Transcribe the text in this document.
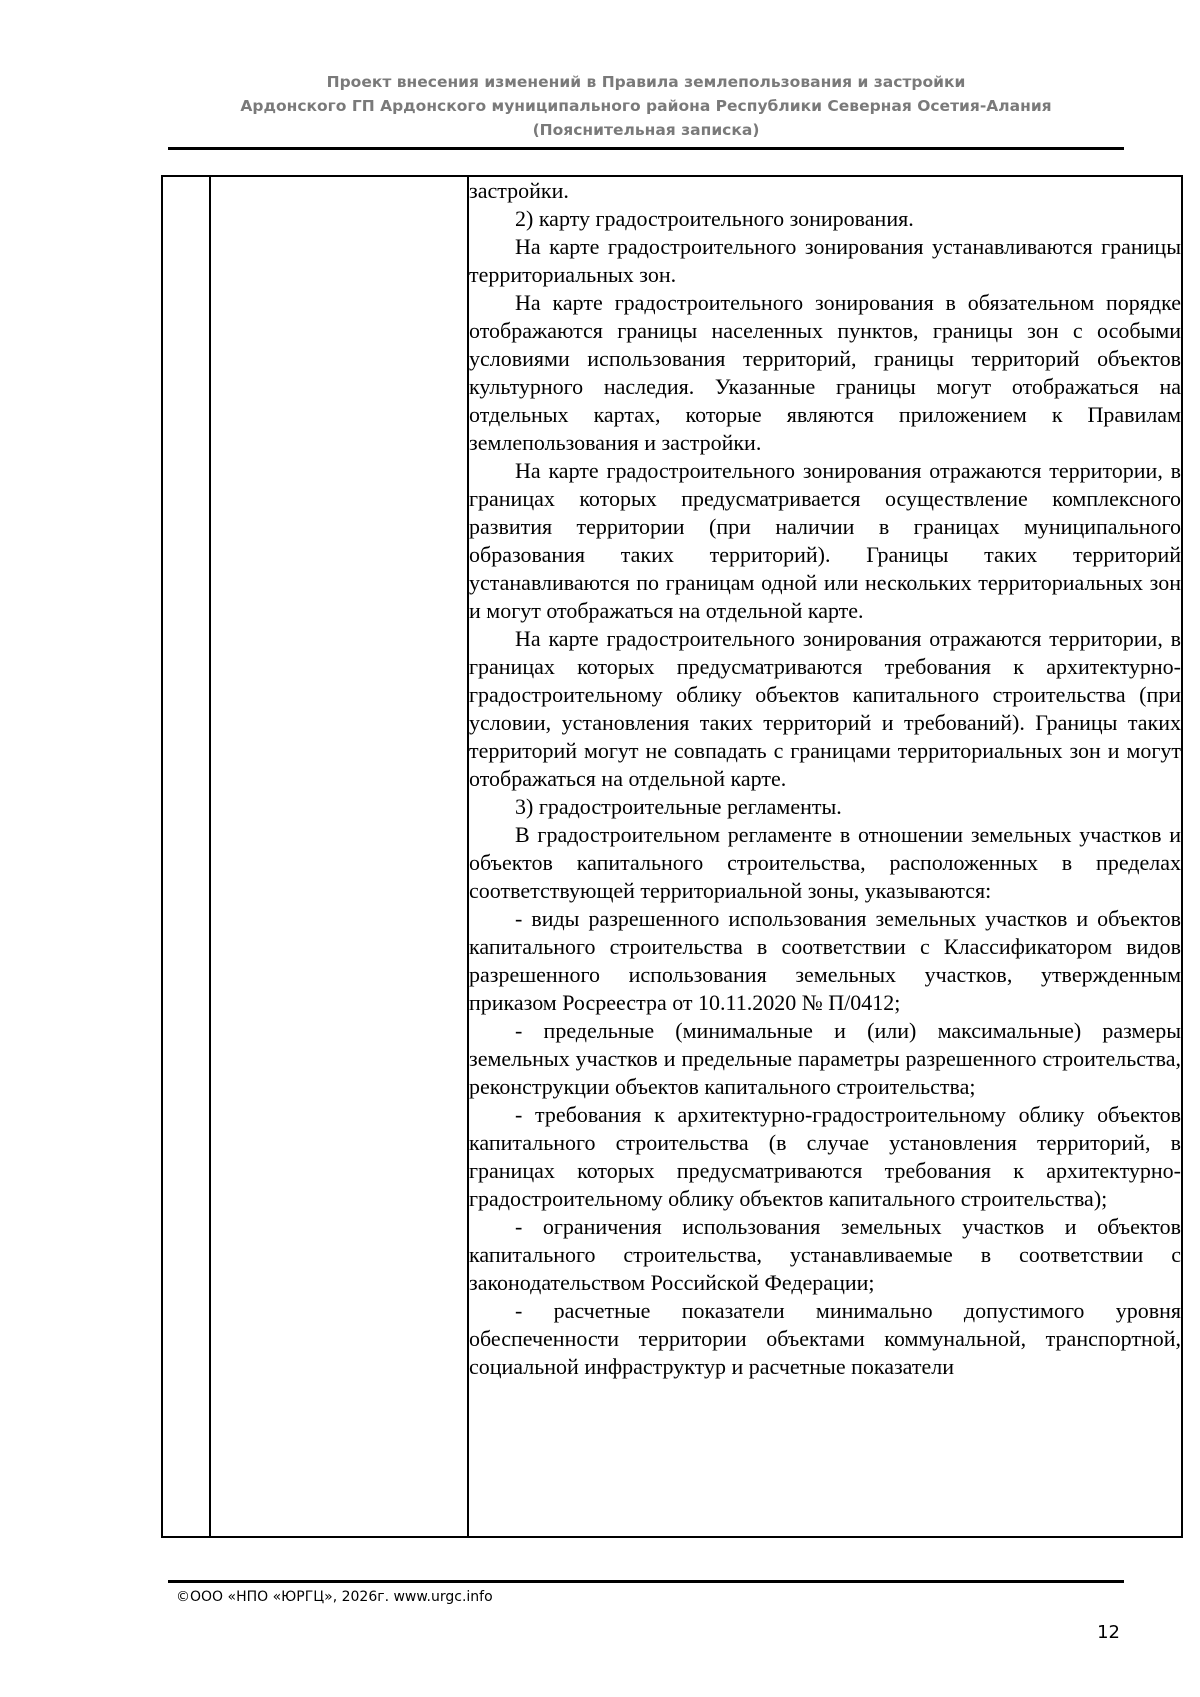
Проект внесения изменений в Правила землепользования и застройки
Ардонского ГП Ардонского муниципального района Республики Северная Осетия-Алания
(Пояснительная записка)

застройки.

2) карту градостроительного зонирования.

На карте градостроительного зонирования устанавливаются границы территориальных зон.

На карте градостроительного зонирования в обязательном порядке отображаются границы населенных пунктов, границы зон с особыми условиями использования территорий, границы территорий объектов культурного наследия. Указанные границы могут отображаться на отдельных картах, которые являются приложением к Правилам землепользования и застройки.

На карте градостроительного зонирования отражаются территории, в границах которых предусматривается осуществление комплексного развития территории (при наличии в границах муниципального образования таких территорий). Границы таких территорий устанавливаются по границам одной или нескольких территориальных зон и могут отображаться на отдельной карте.

На карте градостроительного зонирования отражаются территории, в границах которых предусматриваются требования к архитектурно-градостроительному облику объектов капитального строительства (при условии, установления таких территорий и требований). Границы таких территорий могут не совпадать с границами территориальных зон и могут отображаться на отдельной карте.

3) градостроительные регламенты.

В градостроительном регламенте в отношении земельных участков и объектов капитального строительства, расположенных в пределах соответствующей территориальной зоны, указываются:

- виды разрешенного использования земельных участков и объектов капитального строительства в соответствии с Классификатором видов разрешенного использования земельных участков, утвержденным приказом Росреестра от 10.11.2020 № П/0412;

- предельные (минимальные и (или) максимальные) размеры земельных участков и предельные параметры разрешенного строительства, реконструкции объектов капитального строительства;

- требования к архитектурно-градостроительному облику объектов капитального строительства (в случае установления территорий, в границах которых предусматриваются требования к архитектурно-градостроительному облику объектов капитального строительства);

- ограничения использования земельных участков и объектов капитального строительства, устанавливаемые в соответствии с законодательством Российской Федерации;

- расчетные показатели минимально допустимого уровня обеспеченности территории объектами коммунальной, транспортной, социальной инфраструктур и расчетные показатели

©ООО «НПО «ЮРГЦ», 2026г. www.urgc.info
12
